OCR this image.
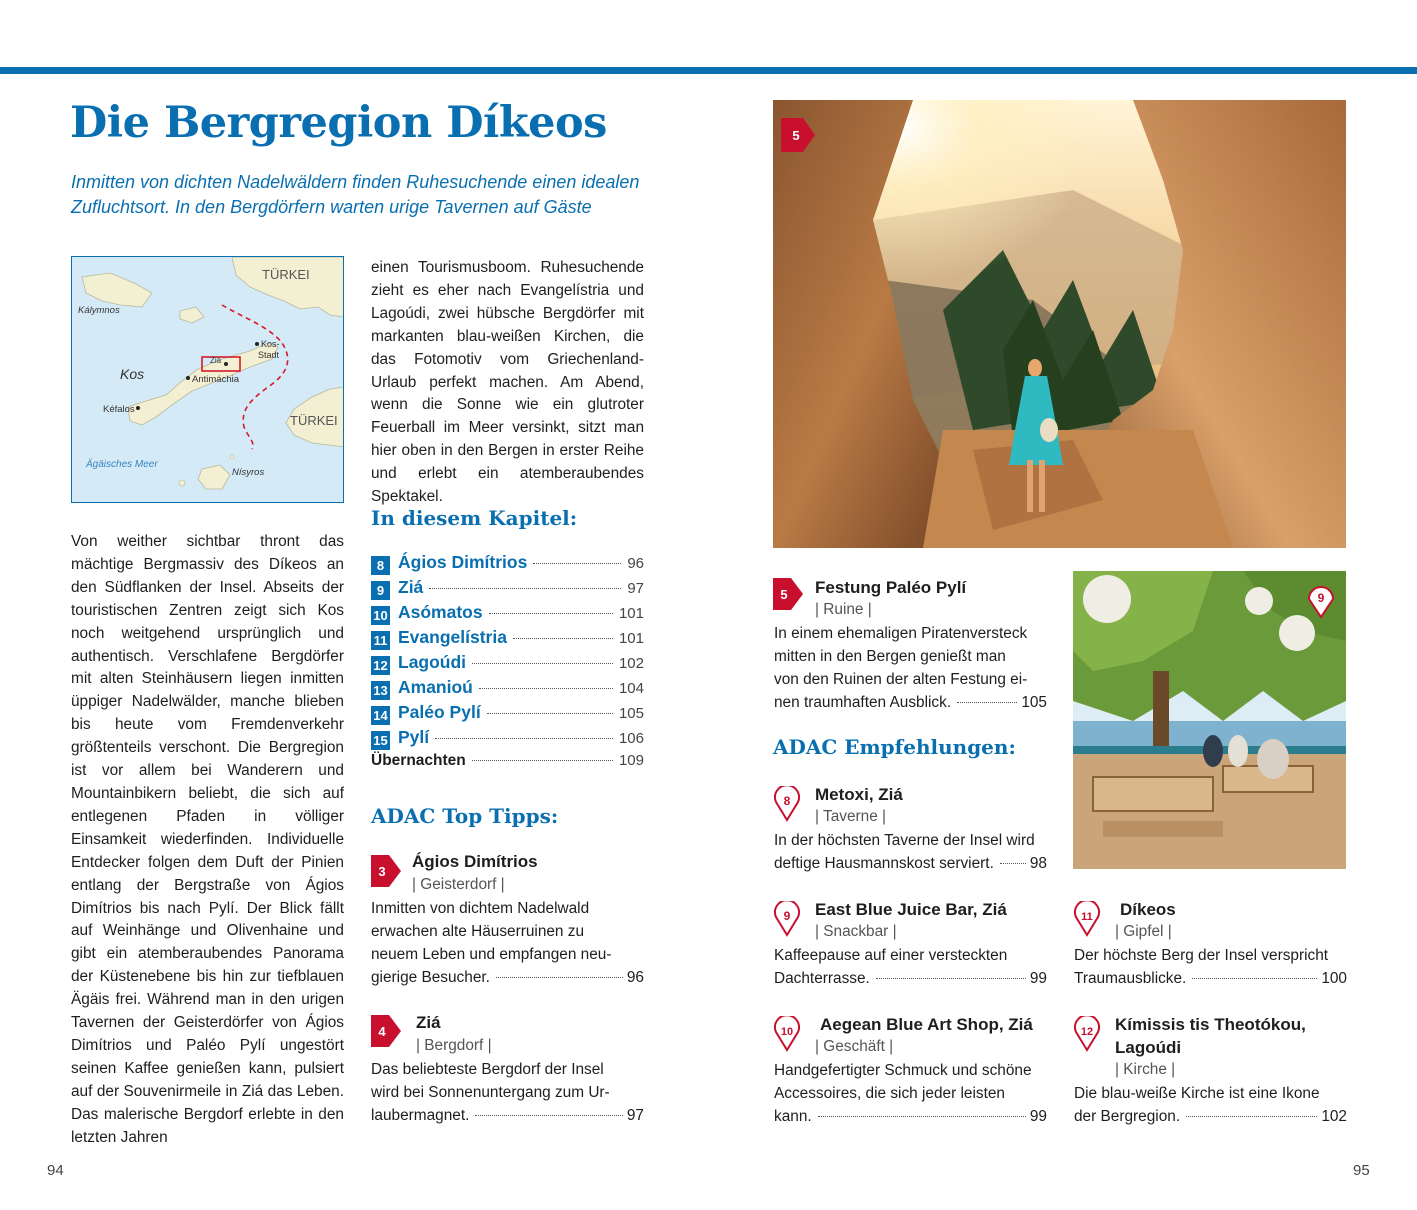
Die Bergregion Díkeos

Inmitten von dichten Nadelwäldern finden Ruhesuchende einen idealen Zufluchtsort. In den Bergdörfern warten urige Tavernen auf Gäste

TÜRKEI
TÜRKEI
Kálymnos
Kos-
Stadt
Ziá
Kos	Antimáchia
Kéfalos
Ägäisches Meer
Nísyros

Von weither sichtbar thront das mächtige Bergmassiv des Díkeos an den Südflanken der Insel. Abseits der touristischen Zentren zeigt sich Kos noch weitgehend ursprünglich und authentisch. Verschlafene Bergdörfer mit alten Steinhäusern liegen inmitten üppiger Nadelwälder, manche blieben bis heute vom Fremdenverkehr größtenteils verschont. Die Bergregion ist vor allem bei Wanderern und Mountainbikern beliebt, die sich auf entlegenen Pfaden in völliger Einsamkeit wiederfinden. Individuelle Entdecker folgen dem Duft der Pinien entlang der Bergstraße von Ágios Dimítrios bis nach Pylí. Der Blick fällt auf Weinhänge und Olivenhaine und gibt ein atemberaubendes Panorama der Küstenebene bis hin zur tiefblauen Ägäis frei. Während man in den urigen Tavernen der Geisterdörfer von Ágios Dimítrios und Paléo Pylí ungestört seinen Kaffee genießen kann, pulsiert auf der Souvenirmeile in Ziá das Leben. Das malerische Bergdorf erlebte in den letzten Jahren

einen Tourismusboom. Ruhesuchende zieht es eher nach Evangelístria und Lagoúdi, zwei hübsche Bergdörfer mit markanten blau-weißen Kirchen, die das Fotomotiv vom Griechenland-Urlaub perfekt machen. Am Abend, wenn die Sonne wie ein glutroter Feuerball im Meer versinkt, sitzt man hier oben in den Bergen in erster Reihe und erlebt ein atemberaubendes Spektakel.

In diesem Kapitel:
8 Ágios Dimítrios	96
9 Ziá	97
10 Asómatos	101
11 Evangelístria	101
12 Lagoúdi	102
13 Amanioú	104
14 Paléo Pylí	105
15 Pylí	106
Übernachten	109
ADAC Top Tipps:
3
Ágios Dimítrios
| Geisterdorf |
Inmitten von dichtem Nadelwald
erwachen alte Häuserruinen zu
neuem Leben und empfangen neu-
gierige Besucher.	96
4 Ziá
| Bergdorf |
Das beliebteste Bergdorf der Insel
wird bei Sonnenuntergang zum Ur-
laubermagnet.	97
5
5 Festung Paléo Pylí
| Ruine |
In einem ehemaligen Piratenversteck
mitten in den Bergen genießt man
von den Ruinen der alten Festung ei-
nen traumhaften Ausblick.	105
9
ADAC Empfehlungen:
8 Metoxi, Ziá
| Taverne |
In der höchsten Taverne der Insel wird
deftige Hausmannskost serviert. 98
9 East Blue Juice Bar, Ziá
| Snackbar |
Kaffeepause auf einer versteckten
Dachterrasse.	99
10 Aegean Blue Art Shop, Ziá
| Geschäft |
Handgefertigter Schmuck und schöne
Accessoires, die sich jeder leisten
kann.	99
11 Díkeos
| Gipfel |
Der höchste Berg der Insel verspricht
Traumausblicke.	100
12 Kímissis tis Theotókou,
Lagoúdi
| Kirche |
Die blau-weiße Kirche ist eine Ikone
der Bergregion.	102
94	95
